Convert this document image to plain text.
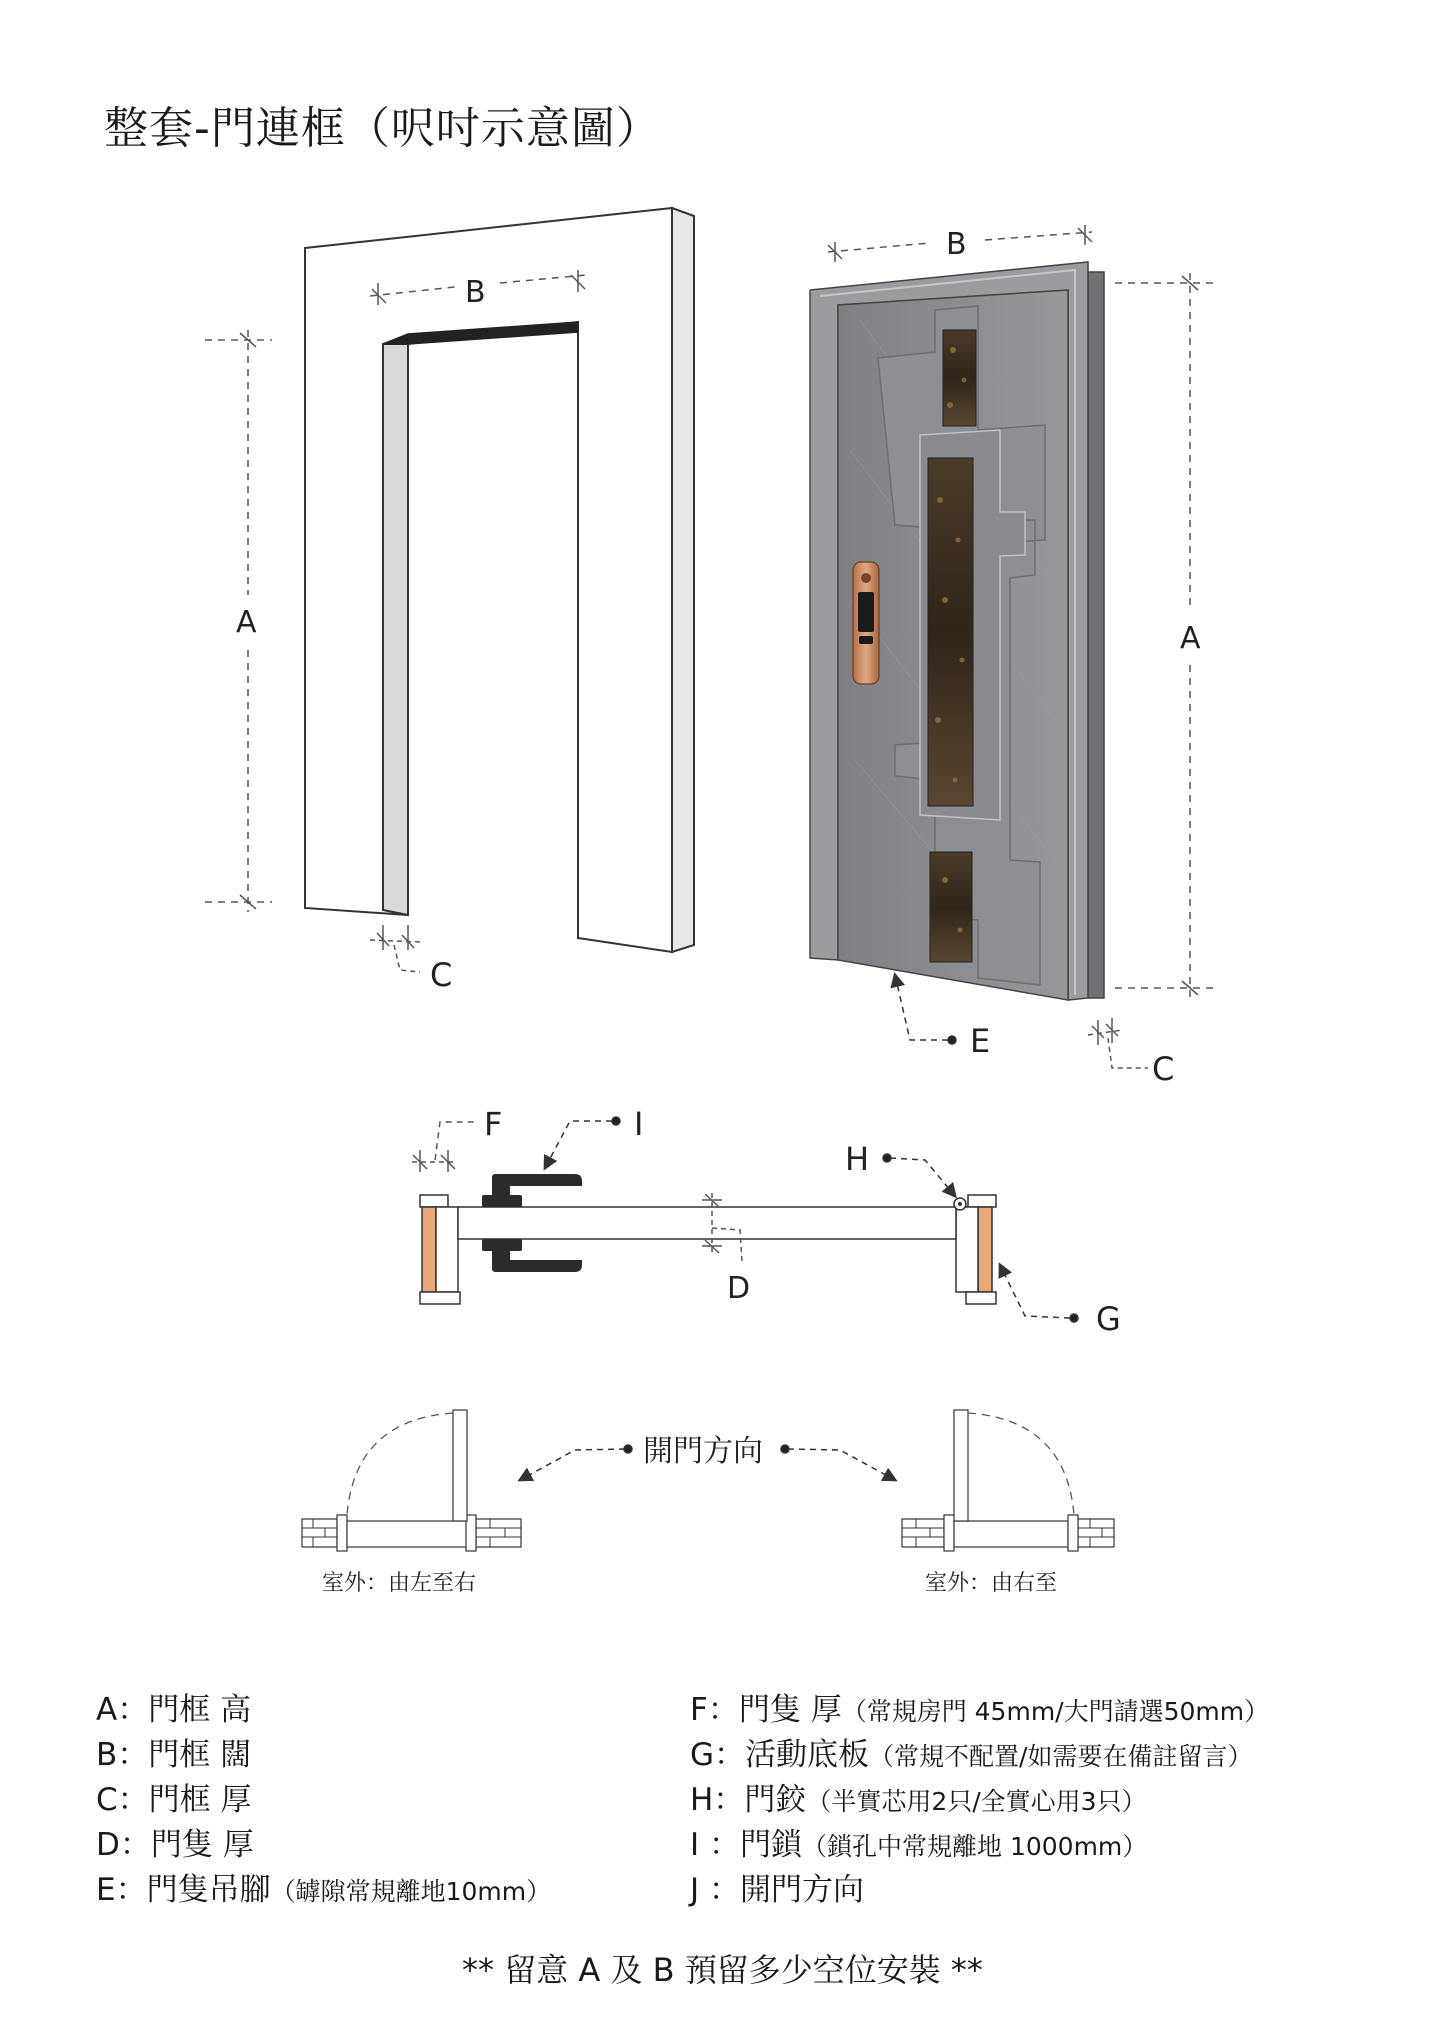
整套-門連框（呎吋示意圖）
A
B
C
B
A
E
C
F	I
H
D
G
室外：由左至右	室外：由右至
開門方向
A：門框 高
B：門框 闊
C：門框 厚
D：門隻 厚
E：門隻吊腳（罅隙常規離地10mm）
F：門隻 厚（常規房門 45mm/大門請選50mm）
G：活動底板（常規不配置/如需要在備註留言）
H：門鉸（半實芯用2只/全實心用3只）
I ：門鎖（鎖孔中常規離地 1000mm）
J ：開門方向
** 留意 A 及 B 預留多少空位安裝 **
